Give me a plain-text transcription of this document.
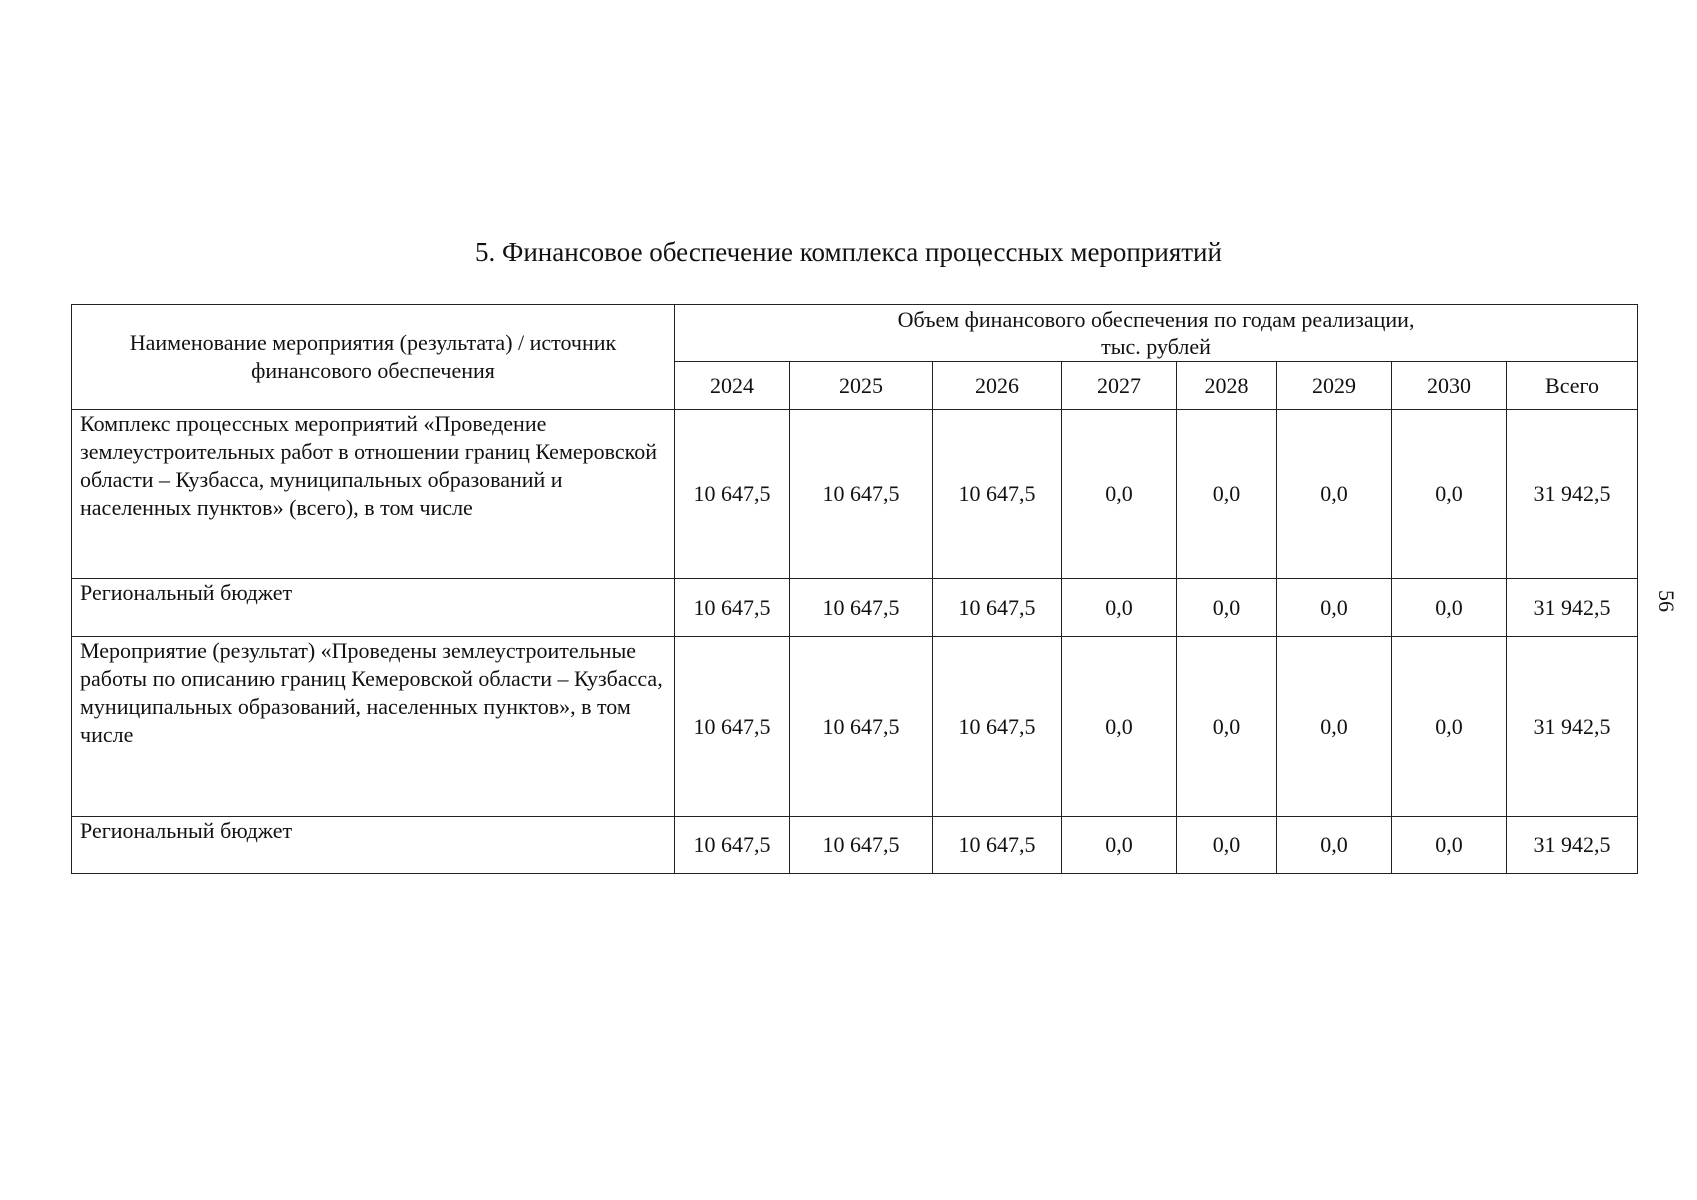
5. Финансовое обеспечение комплекса процессных мероприятий
56
Наименование мероприятия (результата) / источник финансового обеспечения	Объем финансового обеспечения по годам реализации,
тыс. рублей							

	2024	2025	2026	2027	2028	2029	2030	Всего
Комплекс процессных мероприятий «Проведение землеустроительных работ в отношении границ Кемеровской области – Кузбасса, муниципальных образований и населенных пунктов» (всего), в том числе	10 647,5	10 647,5	10 647,5	0,0	0,0	0,0	0,0	31 942,5
Региональный бюджет	10 647,5	10 647,5	10 647,5	0,0	0,0	0,0	0,0	31 942,5
Мероприятие (результат) «Проведены землеустроительные работы по описанию границ Кемеровской области – Кузбасса, муниципальных образований, населенных пунктов», в том числе	10 647,5	10 647,5	10 647,5	0,0	0,0	0,0	0,0	31 942,5
Региональный бюджет	10 647,5	10 647,5	10 647,5	0,0	0,0	0,0	0,0	31 942,5
